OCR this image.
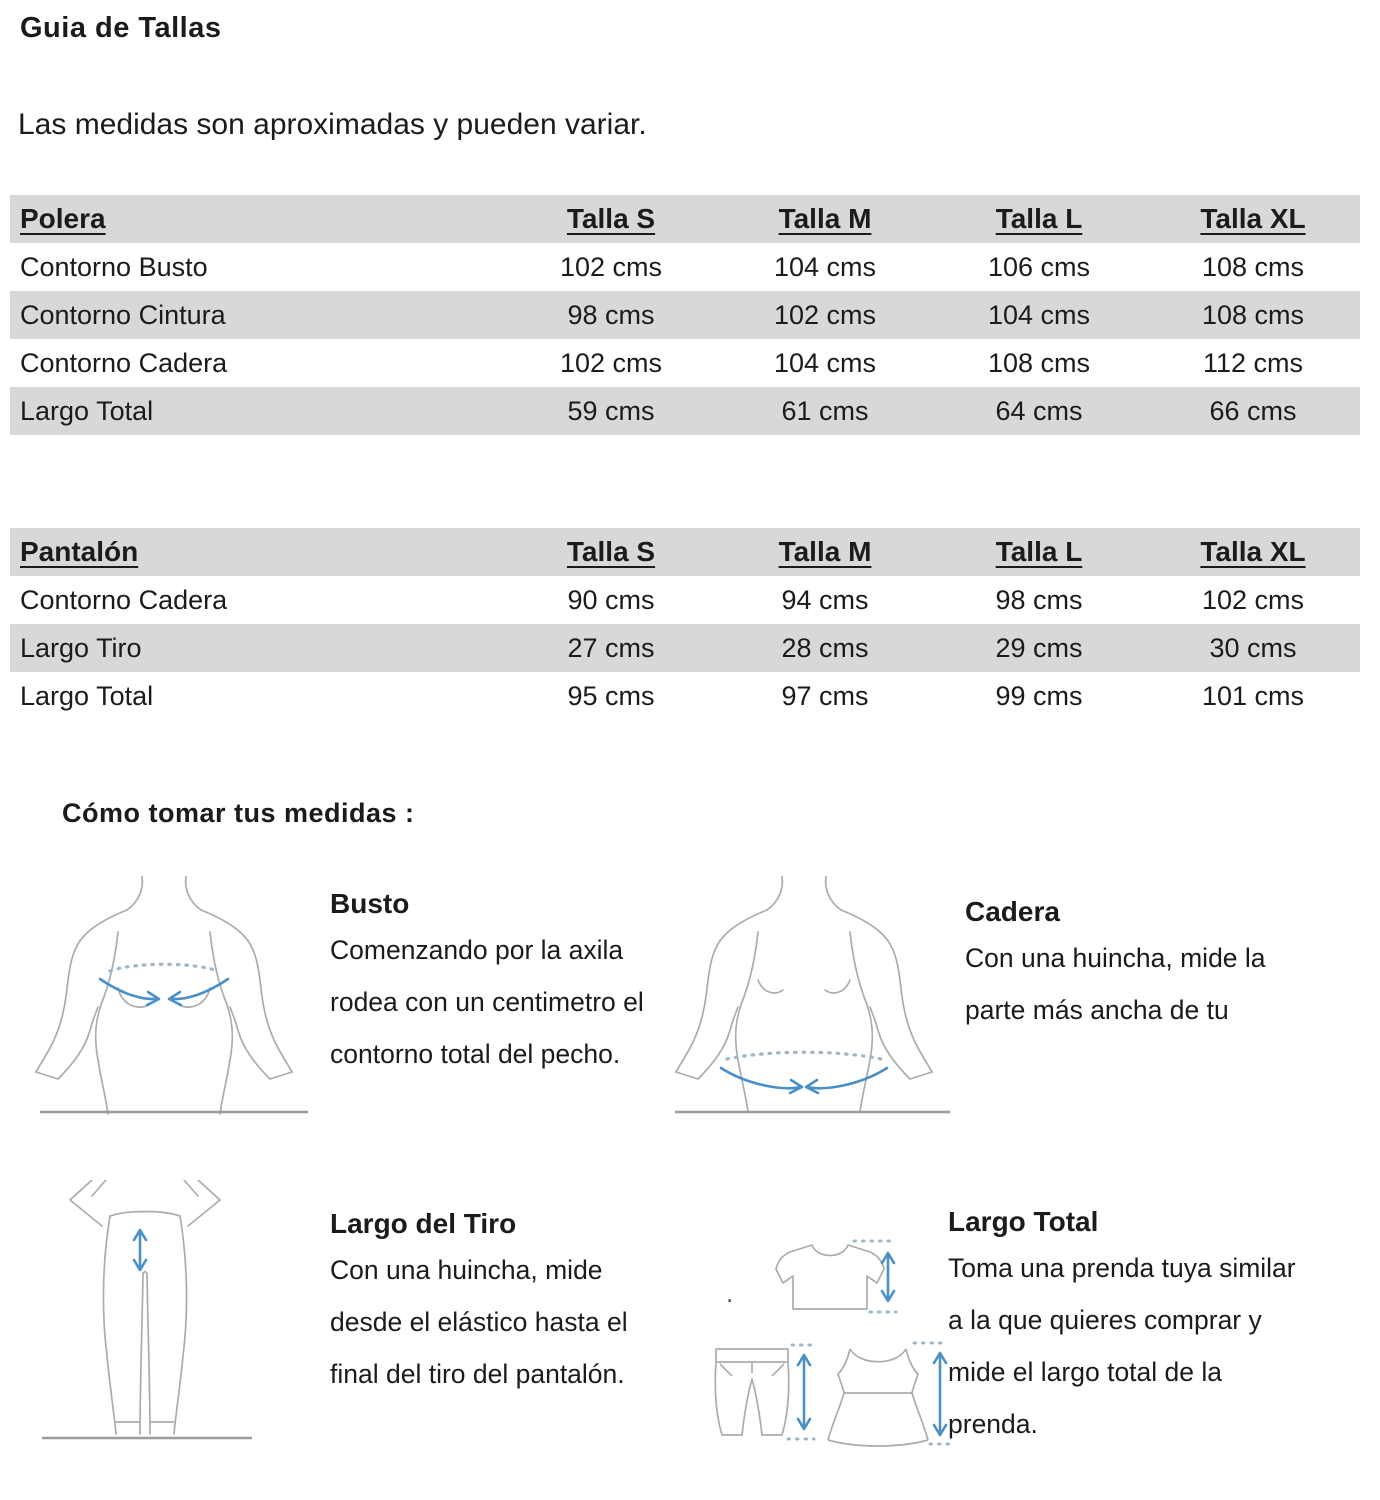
Guia de Tallas
Las medidas son aproximadas y pueden variar.
Polera	Talla S	Talla M	Talla L	Talla XL
Contorno Busto	102 cms	104 cms	106 cms	108 cms
Contorno Cintura	98 cms	102 cms	104 cms	108 cms
Contorno Cadera	102 cms	104 cms	108 cms	112 cms
Largo Total	59 cms	61 cms	64 cms	66 cms
Pantalón	Talla S	Talla M	Talla L	Talla XL
Contorno Cadera	90 cms	94 cms	98 cms	102 cms
Largo Tiro	27 cms	28 cms	29 cms	30 cms
Largo Total	95 cms	97 cms	99 cms	101 cms
Cómo tomar tus medidas :
Busto
Comenzando por la axila rodea con un centimetro el contorno total del pecho.
Cadera
Con una huincha, mide la parte más ancha de tu
Largo del Tiro
Con una huincha, mide desde el elástico hasta el final del tiro del pantalón.
.
Largo Total
Toma una prenda tuya similar a la que quieres comprar y mide el largo total de la prenda.
